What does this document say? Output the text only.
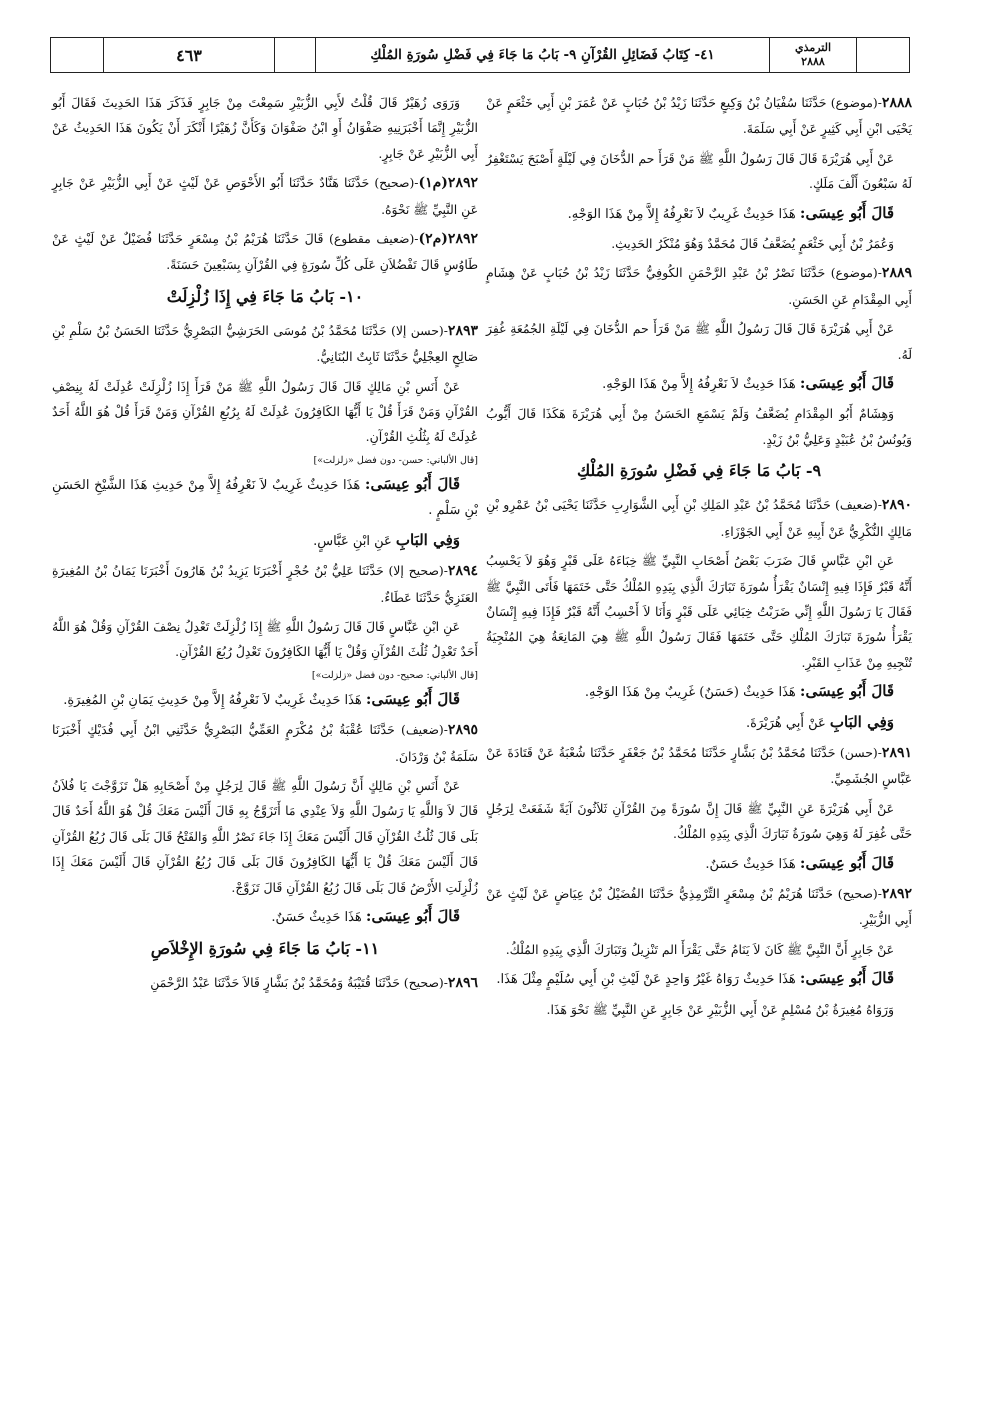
٤٦٣	٤١- كِتَابُ فَضَائِلِ القُرْآنِ ٩- بَابُ مَا جَاءَ فِي فَضْلِ سُورَةِ المُلْكِ	الترمذي
٢٨٨٨

٢٨٨٨-(موضوع) حَدَّثَنَا سُفْيَانُ بْنُ وَكِيعٍ حَدَّثَنَا زَيْدُ بْنُ حُبَابٍ عَنْ عُمَرَ بْنِ أَبِي خَثْعَمٍ عَنْ يَحْيَى ابْنِ أَبِي كَثِيرٍ عَنْ أَبِي سَلَمَةَ.

عَنْ أَبِي هُرَيْرَةَ قَالَ قَالَ رَسُولُ اللَّهِ ﷺ مَنْ قَرَأَ حم الدُّخَانَ فِي لَيْلَةٍ أَصْبَحَ يَسْتَغْفِرُ لَهُ سَبْعُونَ أَلْفَ مَلَكٍ.

قَالَ أَبُو عِيسَى: هَذَا حَدِيثٌ غَرِيبٌ لاَ نَعْرِفُهُ إِلاَّ مِنْ هَذَا الوَجْهِ.

وَعُمَرُ بْنُ أَبِي خَثْعَمٍ يُضَعَّفُ قَالَ مُحَمَّدٌ وَهُوَ مُنْكَرُ الحَدِيثِ.

٢٨٨٩-(موضوع) حَدَّثَنَا نَصْرُ بْنُ عَبْدِ الرَّحْمَنِ الكُوفِيُّ حَدَّثَنَا زَيْدُ بْنُ حُبَابٍ عَنْ هِشَامٍ أَبِي المِقْدَامِ عَنِ الحَسَنِ.

عَنْ أَبِي هُرَيْرَةَ قَالَ قَالَ رَسُولُ اللَّهِ ﷺ مَنْ قَرَأَ حم الدُّخَانَ فِي لَيْلَةِ الجُمُعَةِ غُفِرَ لَهُ.

قَالَ أَبُو عِيسَى: هَذَا حَدِيثٌ لاَ نَعْرِفُهُ إِلاَّ مِنْ هَذَا الوَجْهِ.

وَهِشَامٌ أَبُو المِقْدَامِ يُضَعَّفُ وَلَمْ يَسْمَعِ الحَسَنُ مِنْ أَبِي هُرَيْرَةَ هَكَذَا قَالَ أَيُّوبُ وَيُونُسُ بْنُ عُبَيْدٍ وَعَلِيُّ بْنُ زَيْدٍ.

٩- بَابُ مَا جَاءَ فِي فَضْلِ سُورَةِ المُلْكِ

٢٨٩٠-(ضعيف) حَدَّثَنَا مُحَمَّدُ بْنُ عَبْدِ المَلِكِ بْنِ أَبِي الشَّوَارِبِ حَدَّثَنَا يَحْيَى بْنُ عَمْرِو بْنِ مَالِكٍ النُّكْرِيُّ عَنْ أَبِيهِ عَنْ أَبِي الجَوْزَاءِ.

عَنِ ابْنِ عَبَّاسٍ قَالَ ضَرَبَ بَعْضُ أَصْحَابِ النَّبِيِّ ﷺ خِبَاءَهُ عَلَى قَبْرٍ وَهُوَ لاَ يَحْسِبُ أَنَّهُ قَبْرٌ فَإِذَا فِيهِ إِنْسَانٌ يَقْرَأُ سُورَةَ تَبَارَكَ الَّذِي بِيَدِهِ المُلْكُ حَتَّى خَتَمَهَا فَأَتَى النَّبِيَّ ﷺ فَقَالَ يَا رَسُولَ اللَّهِ إِنِّي ضَرَبْتُ خِبَائِي عَلَى قَبْرٍ وَأَنَا لاَ أَحْسِبُ أَنَّهُ قَبْرٌ فَإِذَا فِيهِ إِنْسَانٌ يَقْرَأُ سُورَةَ تَبَارَكَ المُلْكِ حَتَّى خَتَمَهَا فَقَالَ رَسُولُ اللَّهِ ﷺ هِيَ المَانِعَةُ هِيَ المُنْجِيَةُ تُنْجِيهِ مِنْ عَذَابِ القَبْرِ.

قَالَ أَبُو عِيسَى: هَذَا حَدِيثٌ (حَسَنٌ) غَرِيبٌ مِنْ هَذَا الوَجْهِ.

وَفِي البَابِ عَنْ أَبِي هُرَيْرَةَ.

٢٨٩١-(حسن) حَدَّثَنَا مُحَمَّدُ بْنُ بَشَّارٍ حَدَّثَنَا مُحَمَّدُ بْنُ جَعْفَرٍ حَدَّثَنَا شُعْبَةُ عَنْ قَتَادَةَ عَنْ عَبَّاسٍ الجُشَمِيِّ.

عَنْ أَبِي هُرَيْرَةَ عَنِ النَّبِيِّ ﷺ قَالَ إِنَّ سُورَةً مِنَ القُرْآنِ ثَلاَثُونَ آيَةً شَفَعَتْ لِرَجُلٍ حَتَّى غُفِرَ لَهُ وَهِيَ سُورَةُ تَبَارَكَ الَّذِي بِيَدِهِ المُلْكُ.

قَالَ أَبُو عِيسَى: هَذَا حَدِيثٌ حَسَنٌ.

٢٨٩٢-(صحيح) حَدَّثَنَا هُرَيْمُ بْنُ مِسْعَرٍ التِّرْمِذِيُّ حَدَّثَنَا الفُضَيْلُ بْنُ عِيَاضٍ عَنْ لَيْثٍ عَنْ أَبِي الزُّبَيْرِ.

عَنْ جَابِرٍ أَنَّ النَّبِيَّ ﷺ كَانَ لاَ يَنَامُ حَتَّى يَقْرَأَ الم تَنْزِيلُ وَتَبَارَكَ الَّذِي بِيَدِهِ المُلْكُ.

قَالَ أَبُو عِيسَى: هَذَا حَدِيثٌ رَوَاهُ غَيْرُ وَاحِدٍ عَنْ لَيْثِ بْنِ أَبِي سُلَيْمٍ مِثْلَ هَذَا.

وَرَوَاهُ مُغِيرَةُ بْنُ مُسْلِمٍ عَنْ أَبِي الزُّبَيْرِ عَنْ جَابِرٍ عَنِ النَّبِيِّ ﷺ نَحْوَ هَذَا.

وَرَوَى زُهَيْرٌ قَالَ قُلْتُ لأَبِي الزُّبَيْرِ سَمِعْتَ مِنْ جَابِرٍ فَذَكَرَ هَذَا الحَدِيثَ فَقَالَ أَبُو الزُّبَيْرِ إِنَّمَا أَخْبَرَنِيهِ صَفْوَانُ أَوِ ابْنُ صَفْوَانَ وَكَأَنَّ زُهَيْرًا أَنْكَرَ أَنْ يَكُونَ هَذَا الحَدِيثُ عَنْ أَبِي الزُّبَيْرِ عَنْ جَابِرٍ.

٢٨٩٢(م١)-(صحيح) حَدَّثَنَا هَنَّادٌ حَدَّثَنَا أَبُو الأَحْوَصِ عَنْ لَيْثٍ عَنْ أَبِي الزُّبَيْرِ عَنْ جَابِرٍ عَنِ النَّبِيِّ ﷺ نَحْوَهُ.

٢٨٩٢(م٢)-(ضعيف مقطوع) قَالَ حَدَّثَنَا هُرَيْمُ بْنُ مِسْعَرٍ حَدَّثَنَا فُضَيْلٌ عَنْ لَيْثٍ عَنْ طَاوُسٍ قَالَ تَفْضُلاَنِ عَلَى كُلِّ سُورَةٍ فِي القُرْآنِ بِسَبْعِينَ حَسَنَةً.

١٠- بَابُ مَا جَاءَ فِي إِذَا زُلْزِلَتْ

٢٨٩٣-(حسن إلا) حَدَّثَنَا مُحَمَّدُ بْنُ مُوسَى الحَرَشِيُّ البَصْرِيُّ حَدَّثَنَا الحَسَنُ بْنُ سَلْمِ بْنِ صَالِحٍ العِجْلِيُّ حَدَّثَنَا ثَابِتٌ البُنَانِيُّ.

عَنْ أَنَسِ بْنِ مَالِكٍ قَالَ قَالَ رَسُولُ اللَّهِ ﷺ مَنْ قَرَأَ إِذَا زُلْزِلَتْ عُدِلَتْ لَهُ بِنِصْفِ القُرْآنِ وَمَنْ قَرَأَ قُلْ يَا أَيُّهَا الكَافِرُونَ عُدِلَتْ لَهُ بِرُبُعِ القُرْآنِ وَمَنْ قَرَأَ قُلْ هُوَ اللَّهُ أَحَدٌ عُدِلَتْ لَهُ بِثُلُثِ القُرْآنِ.

[قال الألباني: حسن- دون فضل «زلزلت»]

قَالَ أَبُو عِيسَى: هَذَا حَدِيثٌ غَرِيبٌ لاَ نَعْرِفُهُ إِلاَّ مِنْ حَدِيثِ هَذَا الشَّيْخِ الحَسَنِ بْنِ سَلْمٍ .

وَفِي البَابِ عَنِ ابْنِ عَبَّاسٍ.

٢٨٩٤-(صحيح إلا) حَدَّثَنَا عَلِيُّ بْنُ حُجْرٍ أَخْبَرَنَا يَزِيدُ بْنُ هَارُونَ أَخْبَرَنَا يَمَانُ بْنُ المُغِيرَةِ العَنَزِيُّ حَدَّثَنَا عَطَاءٌ.

عَنِ ابْنِ عَبَّاسٍ قَالَ قَالَ رَسُولُ اللَّهِ ﷺ إِذَا زُلْزِلَتْ تَعْدِلُ نِصْفَ القُرْآنِ وَقُلْ هُوَ اللَّهُ أَحَدٌ تَعْدِلُ ثُلُثَ القُرْآنِ وَقُلْ يَا أَيُّهَا الكَافِرُونَ تَعْدِلُ رُبُعَ القُرْآنِ.

[قال الألباني: صحيح- دون فضل «زلزلت»]

قَالَ أَبُو عِيسَى: هَذَا حَدِيثٌ غَرِيبٌ لاَ نَعْرِفُهُ إِلاَّ مِنْ حَدِيثِ يَمَانِ بْنِ المُغِيرَةِ.

٢٨٩٥-(ضعيف) حَدَّثَنَا عُقْبَةُ بْنُ مُكْرَمٍ العَمِّيُّ البَصْرِيُّ حَدَّثَنِي ابْنُ أَبِي فُدَيْكٍ أَخْبَرَنَا سَلَمَةُ بْنُ وَرْدَانَ.

عَنْ أَنَسِ بْنِ مَالِكٍ أَنَّ رَسُولَ اللَّهِ ﷺ قَالَ لِرَجُلٍ مِنْ أَصْحَابِهِ هَلْ تَزَوَّجْتَ يَا فُلاَنُ قَالَ لاَ وَاللَّهِ يَا رَسُولَ اللَّهِ وَلاَ عِنْدِي مَا أَتَزَوَّجُ بِهِ قَالَ أَلَيْسَ مَعَكَ قُلْ هُوَ اللَّهُ أَحَدٌ قَالَ بَلَى قَالَ ثُلُثُ القُرْآنِ قَالَ أَلَيْسَ مَعَكَ إِذَا جَاءَ نَصْرُ اللَّهِ وَالفَتْحُ قَالَ بَلَى قَالَ رُبُعُ القُرْآنِ قَالَ أَلَيْسَ مَعَكَ قُلْ يَا أَيُّهَا الكَافِرُونَ قَالَ بَلَى قَالَ رُبُعُ القُرْآنِ قَالَ أَلَيْسَ مَعَكَ إِذَا زُلْزِلَتِ الأَرْضُ قَالَ بَلَى قَالَ رُبُعُ القُرْآنِ قَالَ تَزَوَّجْ.

قَالَ أَبُو عِيسَى: هَذَا حَدِيثٌ حَسَنٌ.

١١- بَابُ مَا جَاءَ فِي سُورَةِ الإِخْلاَصِ

٢٨٩٦-(صحيح) حَدَّثَنَا قُتَيْبَةُ وَمُحَمَّدُ بْنُ بَشَّارٍ قَالاَ حَدَّثَنَا عَبْدُ الرَّحْمَنِ
